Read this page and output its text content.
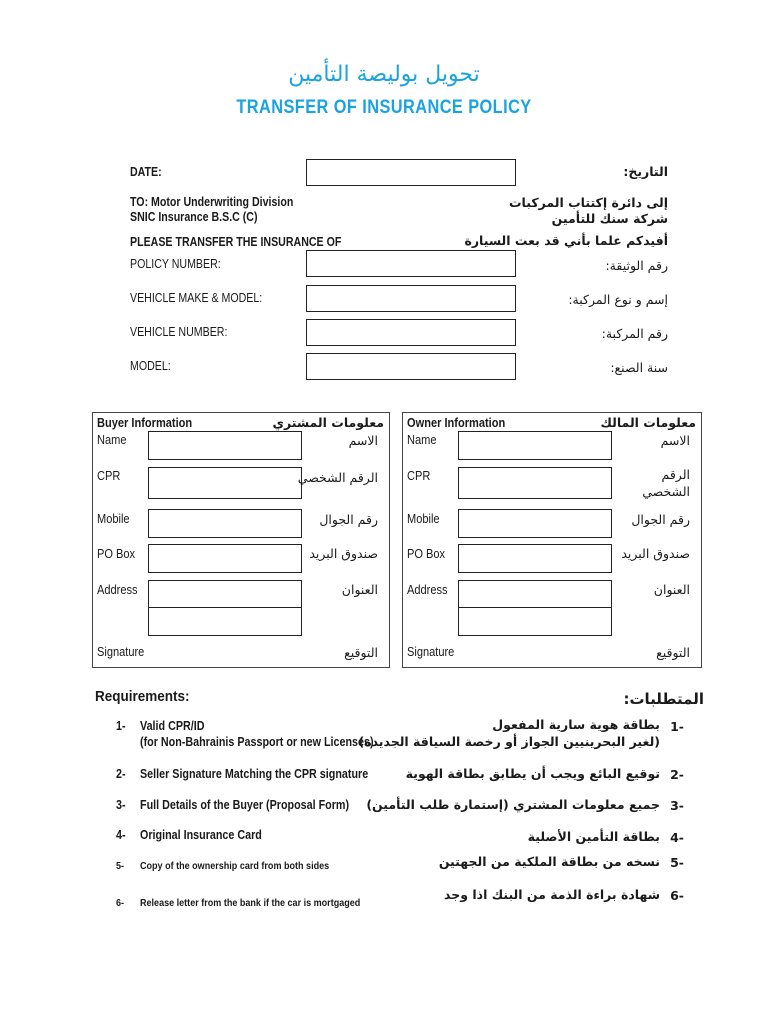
تحويل بوليصة التأمين
TRANSFER OF INSURANCE POLICY
DATE:	التاريخ:
TO: Motor Underwriting Division
SNIC Insurance B.S.C (C)
إلى دائرة إكتتاب المركبات
شركة سنك للتأمين
PLEASE TRANSFER THE INSURANCE OF	أفيدكم علما بأني قد بعت السيارة
POLICY NUMBER:	رقم الوثيقة:
VEHICLE MAKE & MODEL:	إسم و نوع المركبة:
VEHICLE NUMBER:	رقم المركبة:
MODEL:	سنة الصنع:
Buyer Information	معلومات المشتري
Name	الاسم
CPR	الرقم الشخصي
Mobile	رقم الجوال
PO Box	صندوق البريد
Address	العنوان
Signature	التوقيع
Owner Information	معلومات المالك
Name	الاسم
CPR	الرقم
الشخصي
Mobile	رقم الجوال
PO Box	صندوق البريد
Address	العنوان
Signature	التوقيع
Requirements:	المتطلبات:
1- Valid CPR/ID
(for Non-Bahrainis Passport or new Licenses)
-1
بطاقة هوية سارية المفعول
(لغير البحرينيين الجواز أو رخصة السياقة الجديدة)
2- Seller Signature Matching the CPR signature	-2
توقيع البائع ويجب أن يطابق بطاقة الهوية
3- Full Details of the Buyer (Proposal Form)	-3
جميع معلومات المشتري (إستمارة طلب التأمين)
4- Original Insurance Card	-4
بطاقة التأمين الأصلية
5- Copy of the ownership card from both sides	-5
نسخه من بطاقة الملكية من الجهتين
6- Release letter from the bank if the car is mortgaged	-6
شهادة براءة الذمة من البنك اذا وجد
